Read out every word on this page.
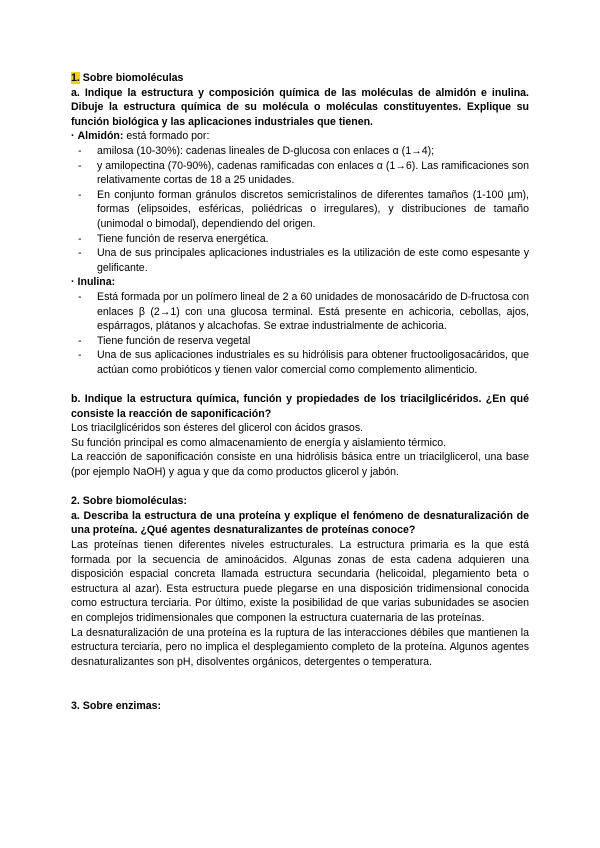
1. Sobre biomoléculas

a. Indique la estructura y composición química de las moléculas de almidón e inulina. Dibuje la estructura química de su molécula o moléculas constituyentes. Explique su función biológica y las aplicaciones industriales que tienen.

· Almidón: está formado por:

- amilosa (10-30%): cadenas lineales de D-glucosa con enlaces α (1→4);
- y amilopectina (70-90%), cadenas ramificadas con enlaces α (1→6). Las ramificaciones son relativamente cortas de 18 a 25 unidades.
- En conjunto forman gránulos discretos semicristalinos de diferentes tamaños (1-100 µm), formas (elipsoides, esféricas, poliédricas o irregulares), y distribuciones de tamaño (unimodal o bimodal), dependiendo del origen.
- Tiene función de reserva energética.
- Una de sus principales aplicaciones industriales es la utilización de este como espesante y gelificante.

· Inulina:

- Está formada por un polímero lineal de 2 a 60 unidades de monosacárido de D-fructosa con enlaces β (2→1) con una glucosa terminal. Está presente en achicoria, cebollas, ajos, espárragos, plátanos y alcachofas. Se extrae industrialmente de achicoria.
- Tiene función de reserva vegetal
- Una de sus aplicaciones industriales es su hidrólisis para obtener fructooligosacáridos, que actúan como probióticos y tienen valor comercial como complemento alimenticio.

b. Indique la estructura química, función y propiedades de los triacilglicéridos. ¿En qué consiste la reacción de saponificación?

Los triacilglicéridos son ésteres del glicerol con ácidos grasos.

Su función principal es como almacenamiento de energía y aislamiento térmico.

La reacción de saponificación consiste en una hidrólisis básica entre un triacilglicerol, una base (por ejemplo NaOH) y agua y que da como productos glicerol y jabón.

2. Sobre biomoléculas:

a. Describa la estructura de una proteína y explique el fenómeno de desnaturalización de una proteína. ¿Qué agentes desnaturalizantes de proteínas conoce?

Las proteínas tienen diferentes niveles estructurales. La estructura primaria es la que está formada por la secuencia de aminoácidos. Algunas zonas de esta cadena adquieren una disposición espacial concreta llamada estructura secundaria (helicoidal, plegamiento beta o estructura al azar). Esta estructura puede plegarse en una disposición tridimensional conocida como estructura terciaria. Por último, existe la posibilidad de que varias subunidades se asocien en complejos tridimensionales que componen la estructura cuaternaria de las proteínas.

La desnaturalización de una proteína es la ruptura de las interacciones débiles que mantienen la estructura terciaria, pero no implica el desplegamiento completo de la proteína. Algunos agentes desnaturalizantes son pH, disolventes orgánicos, detergentes o temperatura.

3. Sobre enzimas:
